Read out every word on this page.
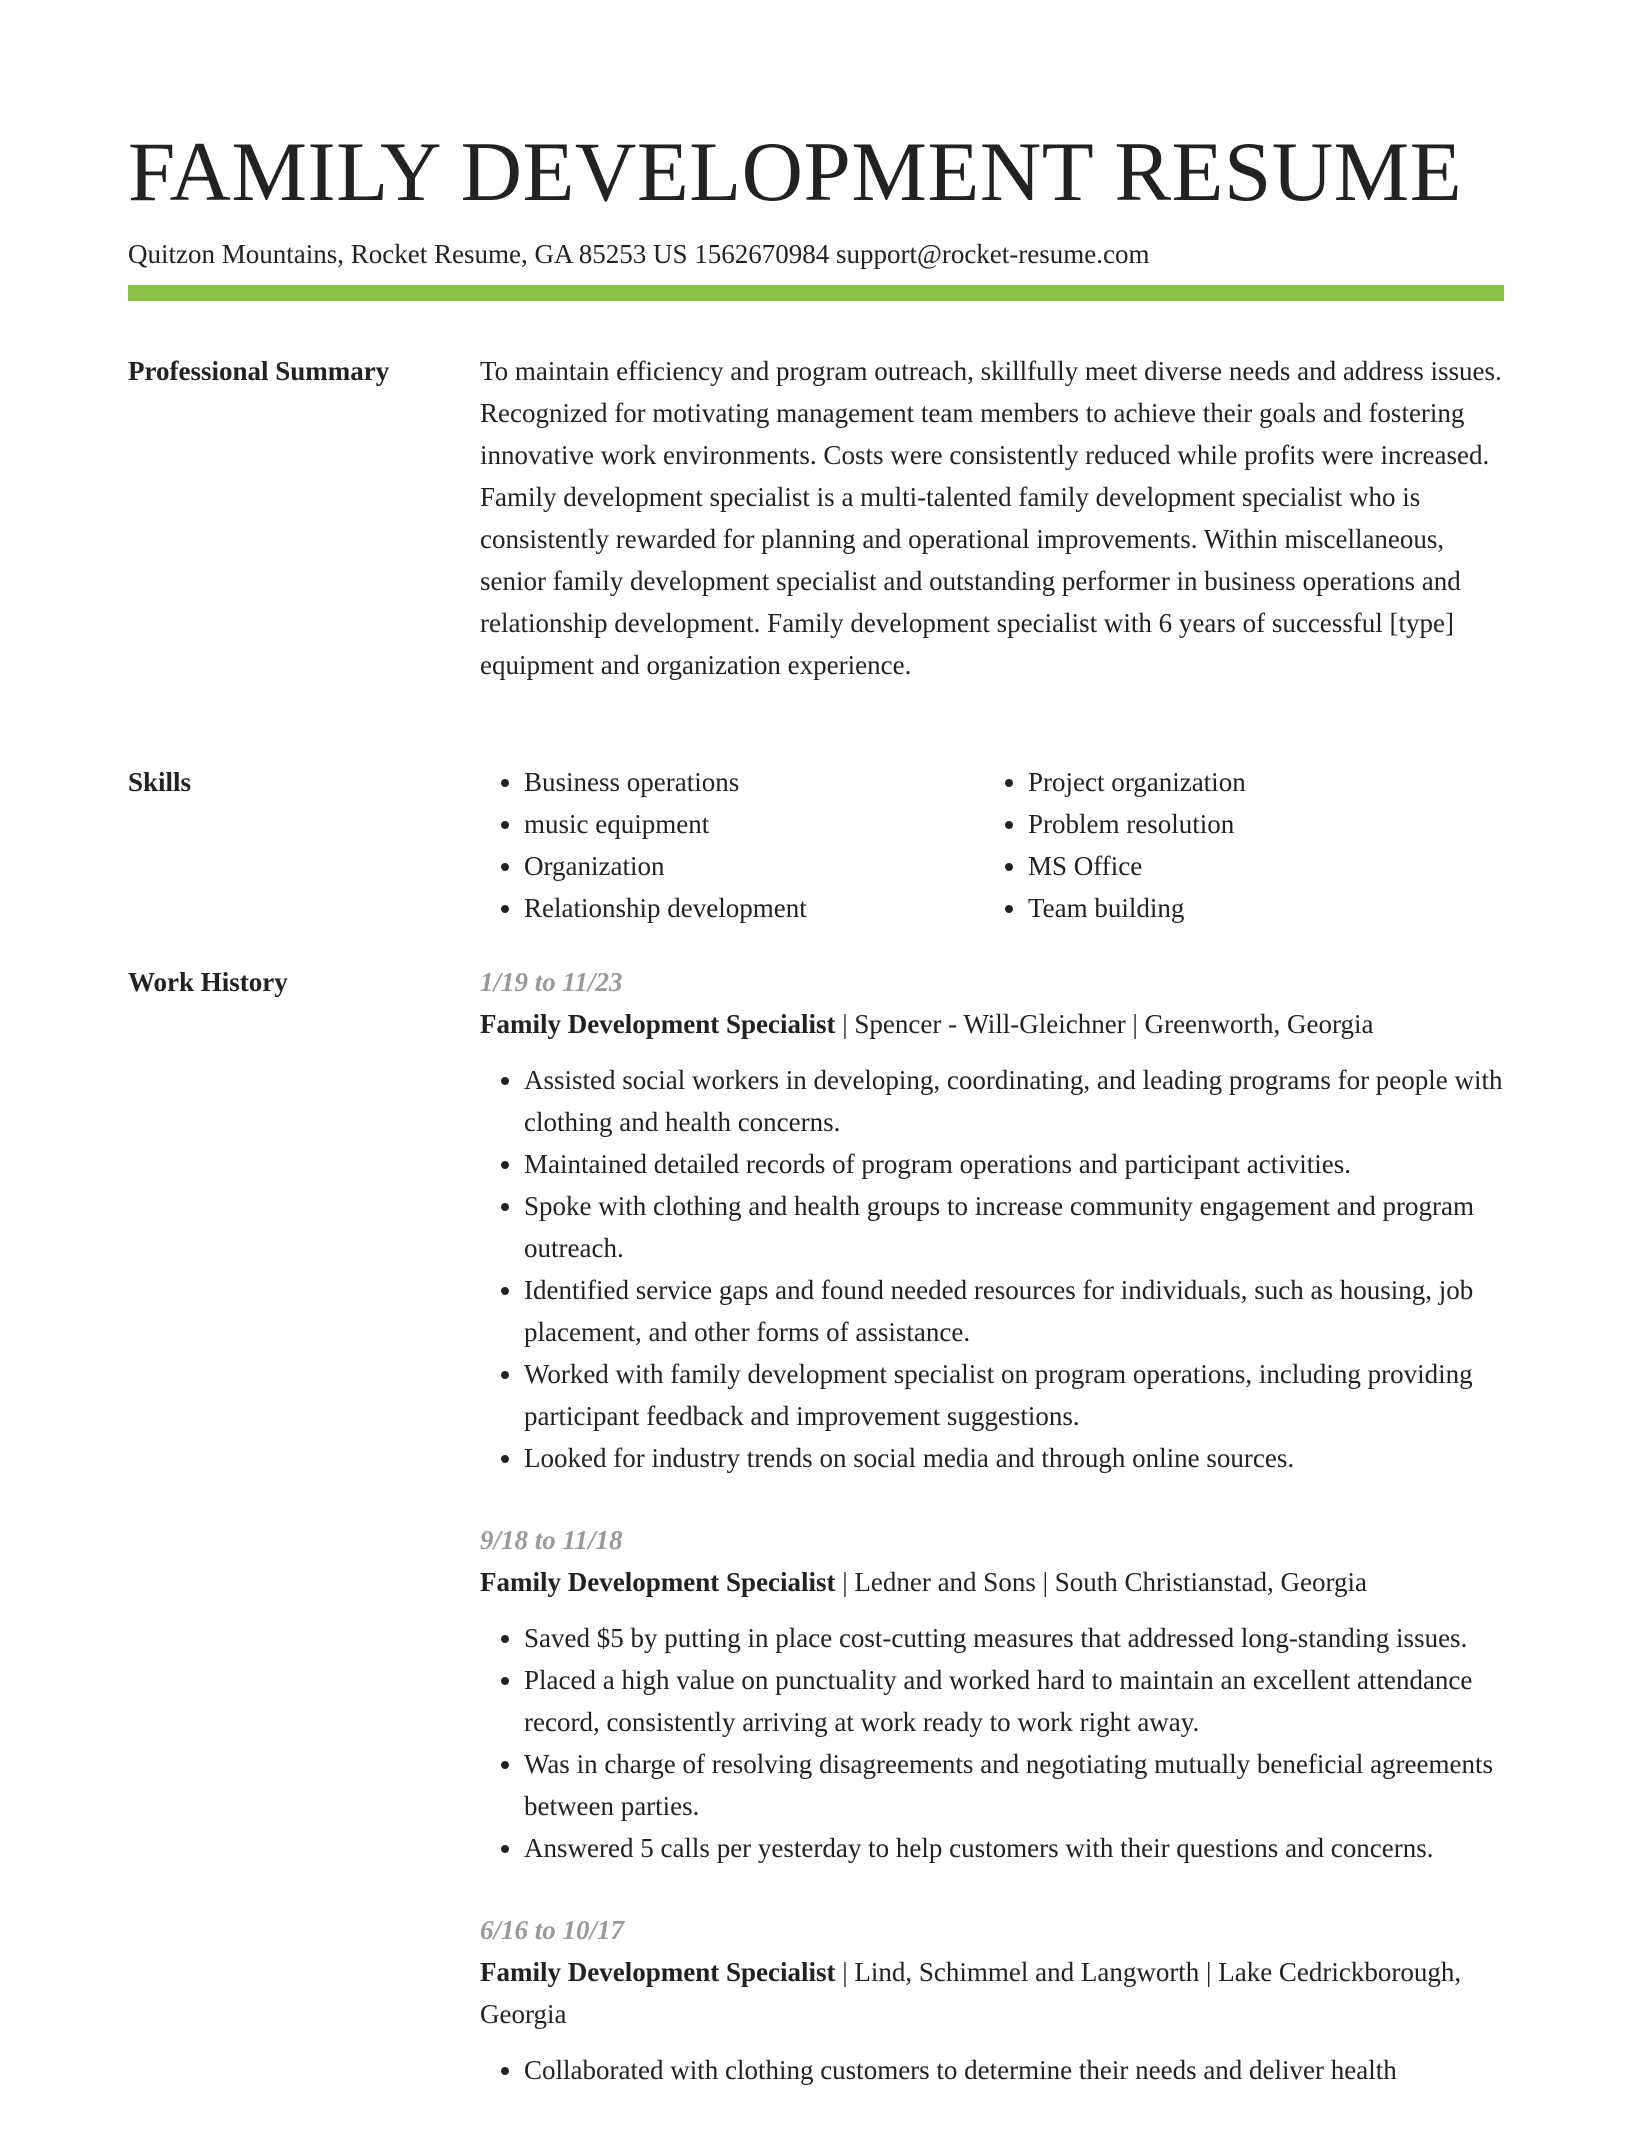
FAMILY DEVELOPMENT RESUME
Quitzon Mountains, Rocket Resume, GA 85253 US 1562670984 support@rocket-resume.com
Professional Summary	To maintain efficiency and program outreach, skillfully meet diverse needs and address issues. Recognized for motivating management team members to achieve their goals and fostering innovative work environments. Costs were consistently reduced while profits were increased. Family development specialist is a multi-talented family development specialist who is consistently rewarded for planning and operational improvements. Within miscellaneous, senior family development specialist and outstanding performer in business operations and relationship development. Family development specialist with 6 years of successful [type] equipment and organization experience.
Skills
•	Business operations
• music equipment
• Organization
• Relationship development
• Project organization
• Problem resolution
• MS Office
• Team building
Work History	1/19 to 11/23
Family Development Specialist | Spencer - Will-Gleichner | Greenworth, Georgia
• Assisted social workers in developing, coordinating, and leading programs for people with clothing and health concerns.
• Maintained detailed records of program operations and participant activities.
• Spoke with clothing and health groups to increase community engagement and program outreach.
• Identified service gaps and found needed resources for individuals, such as housing, job placement, and other forms of assistance.
• Worked with family development specialist on program operations, including providing participant feedback and improvement suggestions.
• Looked for industry trends on social media and through online sources.
9/18 to 11/18
Family Development Specialist | Ledner and Sons | South Christianstad, Georgia
• Saved $5 by putting in place cost-cutting measures that addressed long-standing issues.
• Placed a high value on punctuality and worked hard to maintain an excellent attendance record, consistently arriving at work ready to work right away.
• Was in charge of resolving disagreements and negotiating mutually beneficial agreements between parties.
• Answered 5 calls per yesterday to help customers with their questions and concerns.
6/16 to 10/17
Family Development Specialist | Lind, Schimmel and Langworth | Lake Cedrickborough, Georgia
• Collaborated with clothing customers to determine their needs and deliver health
